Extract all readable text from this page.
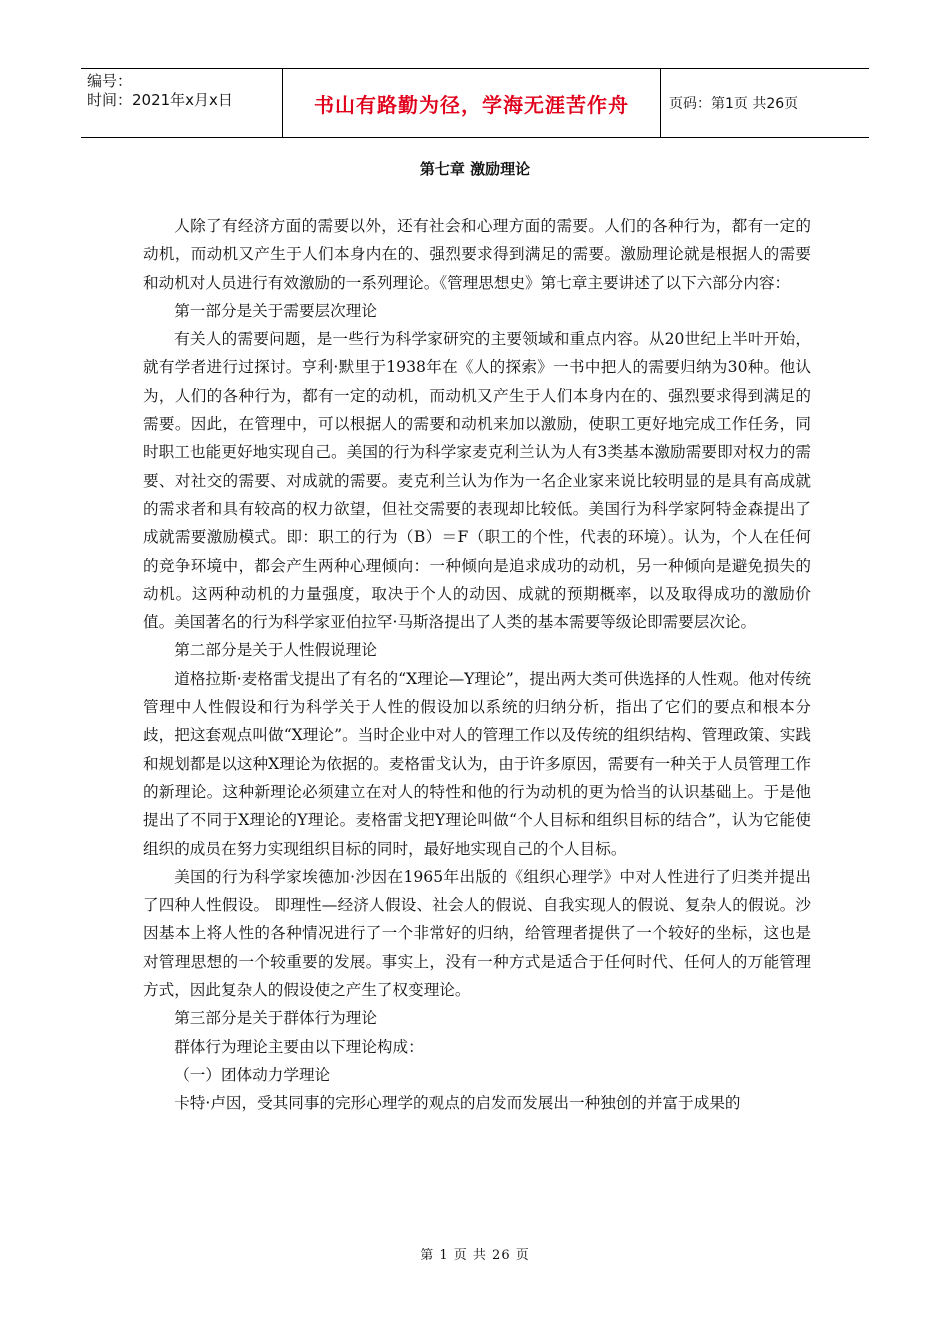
编号：
时间：2021年x月x日	书山有路勤为径，学海无涯苦作舟	页码：第1页 共26页
第七章 激励理论

人除了有经济方面的需要以外，还有社会和心理方面的需要。人们的各种行为，都有一定的动机，而动机又产生于人们本身内在的、强烈要求得到满足的需要。激励理论就是根据人的需要和动机对人员进行有效激励的一系列理论。《管理思想史》第七章主要讲述了以下六部分内容：

第一部分是关于需要层次理论

有关人的需要问题，是一些行为科学家研究的主要领域和重点内容。从20世纪上半叶开始，就有学者进行过探讨。亨利·默里于1938年在《人的探索》一书中把人的需要归纳为30种。他认为，人们的各种行为，都有一定的动机，而动机又产生于人们本身内在的、强烈要求得到满足的需要。因此，在管理中，可以根据人的需要和动机来加以激励，使职工更好地完成工作任务，同时职工也能更好地实现自己。美国的行为科学家麦克利兰认为人有3类基本激励需要即对权力的需要、对社交的需要、对成就的需要。麦克利兰认为作为一名企业家来说比较明显的是具有高成就的需求者和具有较高的权力欲望，但社交需要的表现却比较低。美国行为科学家阿特金森提出了成就需要激励模式。即：职工的行为（B）＝F（职工的个性，代表的环境）。认为，个人在任何的竞争环境中，都会产生两种心理倾向：一种倾向是追求成功的动机，另一种倾向是避免损失的动机。这两种动机的力量强度，取决于个人的动因、成就的预期概率，以及取得成功的激励价值。美国著名的行为科学家亚伯拉罕·马斯洛提出了人类的基本需要等级论即需要层次论。

第二部分是关于人性假说理论

道格拉斯·麦格雷戈提出了有名的“X理论—Y理论”，提出两大类可供选择的人性观。他对传统管理中人性假设和行为科学关于人性的假设加以系统的归纳分析，指出了它们的要点和根本分歧，把这套观点叫做“X理论”。当时企业中对人的管理工作以及传统的组织结构、管理政策、实践和规划都是以这种X理论为依据的。麦格雷戈认为，由于许多原因，需要有一种关于人员管理工作的新理论。这种新理论必须建立在对人的特性和他的行为动机的更为恰当的认识基础上。于是他提出了不同于X理论的Y理论。麦格雷戈把Y理论叫做“个人目标和组织目标的结合”，认为它能使组织的成员在努力实现组织目标的同时，最好地实现自己的个人目标。

美国的行为科学家埃德加·沙因在1965年出版的《组织心理学》中对人性进行了归类并提出了四种人性假设。 即理性—经济人假设、社会人的假说、自我实现人的假说、复杂人的假说。沙因基本上将人性的各种情况进行了一个非常好的归纳，给管理者提供了一个较好的坐标，这也是对管理思想的一个较重要的发展。事实上，没有一种方式是适合于任何时代、任何人的万能管理方式，因此复杂人的假设使之产生了权变理论。

第三部分是关于群体行为理论

群体行为理论主要由以下理论构成：

（一）团体动力学理论

卡特·卢因，受其同事的完形心理学的观点的启发而发展出一种独创的并富于成果的

第 1 页 共 26 页
